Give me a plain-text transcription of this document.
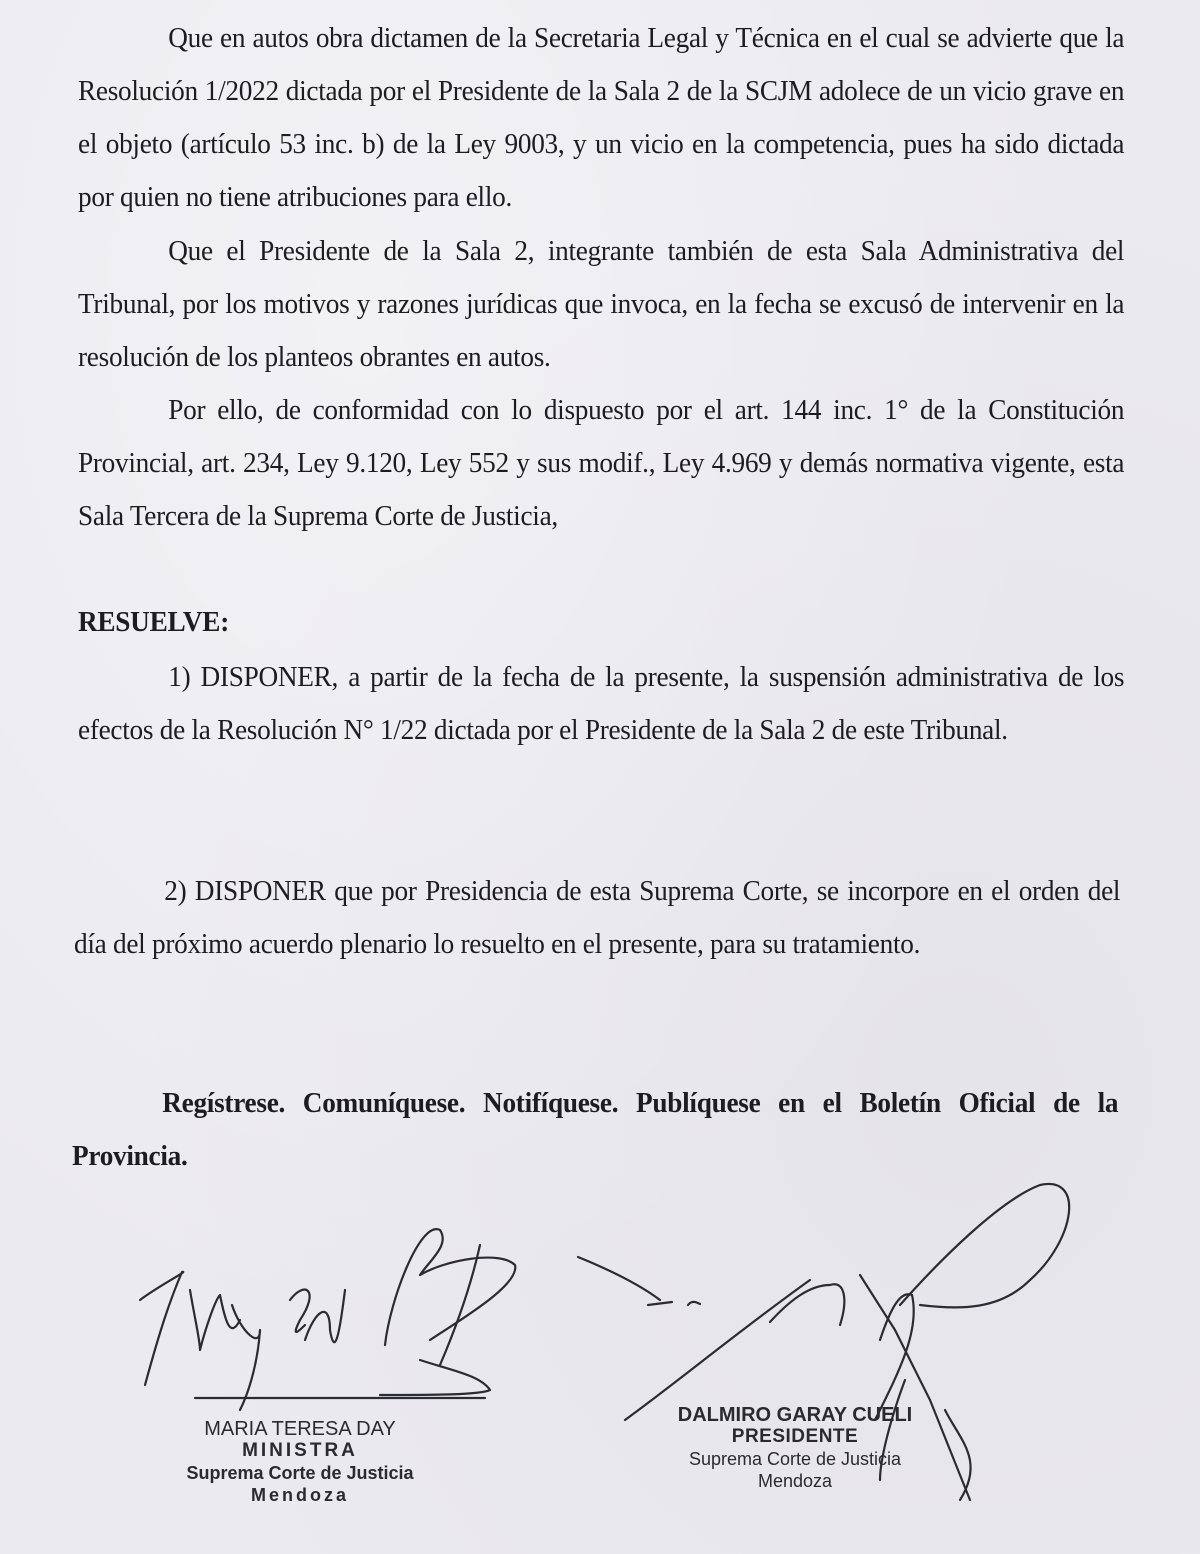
Que en autos obra dictamen de la Secretaria Legal y Técnica en el cual se advierte que la Resolución 1/2022 dictada por el Presidente de la Sala 2 de la SCJM adolece de un vicio grave en el objeto (artículo 53 inc. b) de la Ley 9003, y un vicio en la competencia, pues ha sido dictada por quien no tiene atribuciones para ello.
Que el Presidente de la Sala 2, integrante también de esta Sala Administrativa del Tribunal, por los motivos y razones jurídicas que invoca, en la fecha se excusó de intervenir en la resolución de los planteos obrantes en autos.
Por ello, de conformidad con lo dispuesto por el art. 144 inc. 1° de la Constitución Provincial, art. 234, Ley 9.120, Ley 552 y sus modif., Ley 4.969 y demás normativa vigente, esta Sala Tercera de la Suprema Corte de Justicia,
RESUELVE:
1) DISPONER, a partir de la fecha de la presente, la suspensión administrativa de los efectos de la Resolución N° 1/22 dictada por el Presidente de la Sala 2 de este Tribunal.
2) DISPONER que por Presidencia de esta Suprema Corte, se incorpore en el orden del día del próximo acuerdo plenario lo resuelto en el presente, para su tratamiento.
Regístrese. Comuníquese. Notifíquese. Publíquese en el Boletín Oficial de la Provincia.
MARIA TERESA DAY
MINISTRA
Suprema Corte de Justicia
Mendoza
DALMIRO GARAY CUELI
PRESIDENTE
Suprema Corte de Justicia
Mendoza
